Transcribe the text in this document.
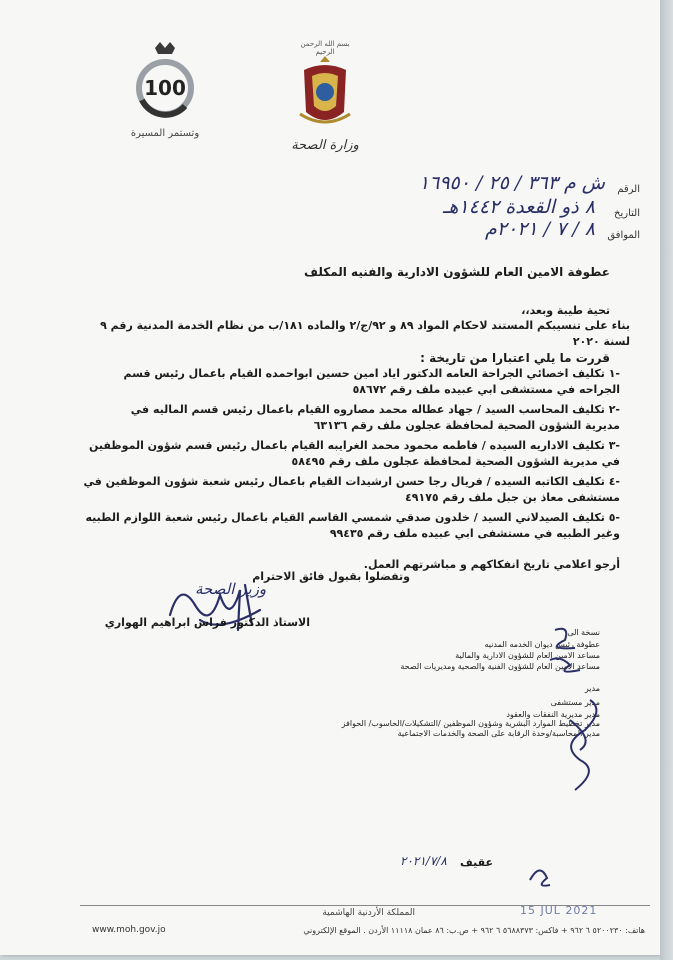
100
وتستمر المسيرة
بسم الله الرحمن الرحيم
وزارة الصحة
الرقم
ش م ٣٦٣ / ٢٥ / ١٦٩٥٠
التاريخ
٨ ذو القعدة ١٤٤٢هـ
الموافق
٨ / ٧ / ٢٠٢١م
عطوفة الامين العام للشؤون الادارية والفنيه المكلف
تحية طيبة وبعد،،
بناء على تنسيبكم المستند لاحكام المواد ٨٩ و ٩٢/ج/٢ والماده ١٨١/ب من نظام الخدمة المدنية رقم ٩
لسنة ٢٠٢٠
قررت ما يلي اعتبارا من تاريخة :
-١ تكليف اخصائي الجراحة العامه الدكتور اياد امين حسين ابواحمده القيام باعمال رئيس قسم
الجراحه في مستشفى ابي عبيده ملف رقم ٥٨٦٧٢
-٢ تكليف المحاسب السيد / جهاد عطاله محمد مصاروه القيام باعمال رئيس قسم الماليه في
مديرية الشؤون الصحية لمحافظة عجلون ملف رقم ٦٣١٣٦
-٣ تكليف الاداريه السيده / فاطمه محمود محمد الغرايبه القيام باعمال رئيس قسم شؤون الموظفين
في مديرية الشؤون الصحية لمحافظة عجلون ملف رقم ٥٨٤٩٥
-٤ تكليف الكاتبه السيده / فريال رجا حسن ارشيدات القيام باعمال رئيس شعبة شؤون الموظفين في
مستشفى معاذ بن جبل ملف رقم ٤٩١٧٥
-٥ تكليف الصيدلاني السيد / خلدون صدقي شمسي القاسم القيام باعمال رئيس شعبة اللوازم الطبيه
وغير الطبيه في مستشفى ابي عبيده ملف رقم ٩٩٤٣٥
أرجو اعلامي تاريخ انفكاكهم و مباشرتهم العمل.
وتفضلوا بقبول فائق الاحترام
وزير الصحة
الاستاذ الدكتور فراس ابراهيم الهواري
نسخة الى
عطوفة رئيس ديوان الخدمه المدنيه
مساعد الامين العام للشؤون الادارية والمالية
مساعد الامين العام للشؤون الفنية والصحية ومديريات الصحة
مدير
مدير مستشفى
مدير مديرية النفقات والعقود
مدير تخطيط الموارد البشرية وشؤون الموظفين /التشكيلات/الحاسوب/ الحوافز
مدير المحاسبة/وحدة الرقابة على الصحة والخدمات الاجتماعية
عقيف
٢٠٢١/٧/٨
15 JUL 2021
المملكة الأردنية الهاشمية
هاتف: ٥٢٠٠٢٣٠ ٦ ٩٦٢ + فاكس: ٥٦٨٨٣٧٣ ٦ ٩٦٢ + ص.ب: ٨٦ عمان ١١١١٨ الأردن . الموقع الإلكتروني
www.moh.gov.jo
